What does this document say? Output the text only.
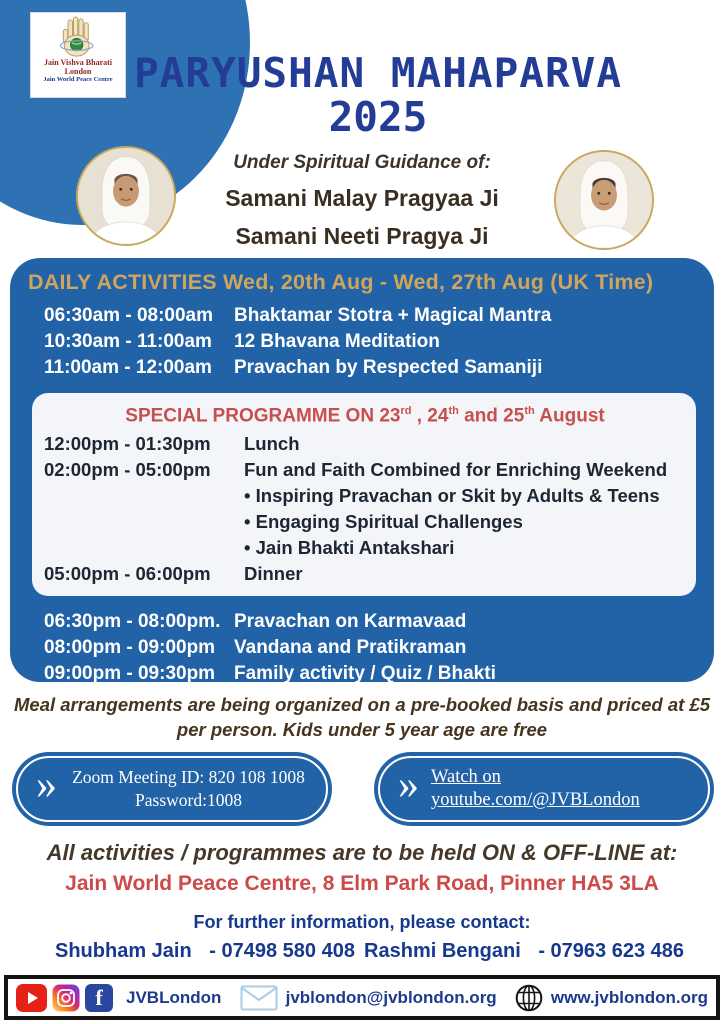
Jain Vishva Bharati London
Jain World Peace Centre PARYUSHAN MAHAPARVA
2025
Under Spiritual Guidance of:
Samani Malay Pragyaa Ji
Samani Neeti Pragya Ji
DAILY ACTIVITIES Wed, 20th Aug - Wed, 27th Aug (UK Time)
06:30am - 08:00am	Bhaktamar Stotra + Magical Mantra
10:30am - 11:00am	12 Bhavana Meditation
11:00am - 12:00am	Pravachan by Respected Samaniji
SPECIAL PROGRAMME ON 23rd , 24th and 25th August
12:00pm - 01:30pm	Lunch
02:00pm - 05:00pm	Fun and Faith Combined for Enriching Weekend
• Inspiring Pravachan or Skit by Adults & Teens
• Engaging Spiritual Challenges
• Jain Bhakti Antakshari
05:00pm - 06:00pm	Dinner
06:30pm - 08:00pm. Pravachan on Karmavaad
08:00pm - 09:00pm Vandana and Pratikraman
09:00pm - 09:30pm Family activity / Quiz / Bhakti
Meal arrangements are being organized on a pre-booked basis and priced at £5
per person. Kids under 5 year age are free
» Zoom Meeting ID: 820 108 1008
Password:1008	» Watch on
youtube.com/@JVBLondon
All activities / programmes are to be held ON & OFF-LINE at:
Jain World Peace Centre, 8 Elm Park Road, Pinner HA5 3LA
For further information, please contact:
Shubham Jain - 07498 580 408 Rashmi Bengani - 07963 623 486
f JVBLondon	jvblondon@jvblondon.org	www.jvblondon.org
